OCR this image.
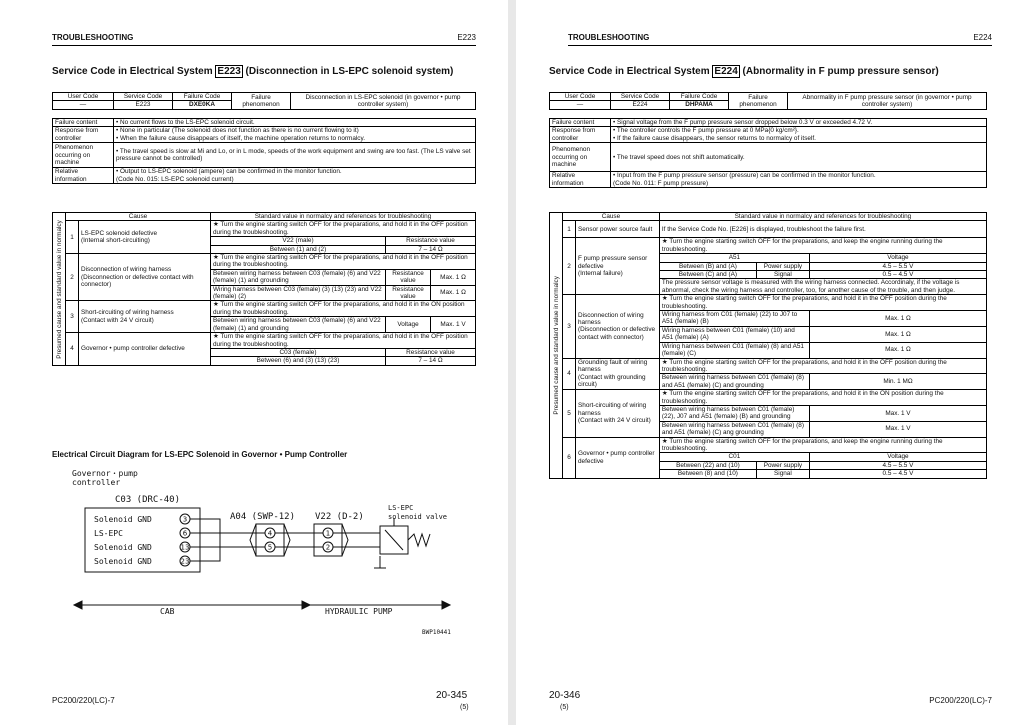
TROUBLESHOOTING	E223
Service Code in Electrical System E223 (Disconnection in LS-EPC solenoid system)
User Code	Service Code	Failure Code	Failure phenomenon	Disconnection in LS-EPC solenoid (in governor • pump controller system)
—	E223	DXE0KA		
Failure content	• No current flows to the LS-EPC solenoid circuit.
Response from controller	• None in particular (The solenoid does not function as there is no current flowing to it)
• When the failure cause disappears of itself, the machine operation returns to normalcy.
Phenomenon occurring on machine	• The travel speed is slow at Mi and Lo, or in L mode, speeds of the work equipment and swing are too fast. (The LS valve set pressure cannot be controlled)
Relative information	• Output to LS-EPC solenoid (ampere) can be confirmed in the monitor function.
(Code No. 015: LS-EPC solenoid current)
Presumed cause and standard value in normalcy	Cause		Standard value in normalcy and references for troubleshooting		
	1	LS-EPC solenoid defective
(Internal short-circuiting)	★ Turn the engine starting switch OFF for the preparations, and hold it in the OFF position during the troubleshooting.		
			V22 (male)	Resistance value	
			Between (1) and (2)	7 – 14 Ω	
	2	Disconnection of wiring harness
(Disconnection or defective contact with connector)	★ Turn the engine starting switch OFF for the preparations, and hold it in the OFF position during the troubleshooting.		
			Between wiring harness between C03 (female) (6) and V22 (female) (1) and grounding	Resistance value	Max. 1 Ω
			Wiring harness between C03 (female) (3) (13) (23) and V22 (female) (2)	Resistance value	Max. 1 Ω
	3	Short-circuiting of wiring harness
(Contact with 24 V circuit)	★ Turn the engine starting switch OFF for the preparations, and hold it in the ON position during the troubleshooting.		
			Between wiring harness between C03 (female) (6) and V22 (female) (1) and grounding	Voltage	Max. 1 V
	4	Governor • pump controller defective	★ Turn the engine starting switch OFF for the preparations, and hold it in the OFF position during the troubleshooting.		
			C03 (female)	Resistance value	
			Between (6) and (3) (13) (23)	7 – 14 Ω	
Electrical Circuit Diagram for LS-EPC Solenoid in Governor • Pump Controller
Governor・pump
controller
C03 (DRC-40)
Solenoid GND
LS-EPC
Solenoid GND
Solenoid GND
A04 (SWP-12) V22 (D-2)
LS-EPC
solenoid valve
CAB	HYDRAULIC PUMP
BWP10441
3
6
13
23
4
5
1
2
PC200/220(LC)-7	20-345
(5)
TROUBLESHOOTING	E224
Service Code in Electrical System E224 (Abnormality in F pump pressure sensor)
User Code	Service Code	Failure Code	Failure phenomenon	Abnormality in F pump pressure sensor (in governor • pump controller system)
—	E224	DHPAMA		
Failure content	• Signal voltage from the F pump pressure sensor dropped below 0.3 V or exceeded 4.72 V.
Response from controller	• The controller controls the F pump pressure at 0 MPa{0 kg/cm²}.
• If the failure cause disappears, the sensor returns to normalcy of itself.
Phenomenon occurring on machine	• The travel speed does not shift automatically.
Relative information	• Input from the F pump pressure sensor (pressure) can be confirmed in the monitor function.
(Code No. 011: F pump pressure)
Presumed cause and standard value in normalcy	Cause		Standard value in normalcy and references for troubleshooting		
	1	Sensor power source fault	If the Service Code No. [E226] is displayed, troubleshoot the failure first.		
	2	F pump pressure sensor defective
(Internal failure)	★ Turn the engine starting switch OFF for the preparations, and keep the engine running during the troubleshooting.		
			A51		Voltage
			Between (B) and (A)	Power supply	4.5 – 5.5 V
			Between (C) and (A)	Signal	0.5 – 4.5 V
			The pressure sensor voltage is measured with the wiring harness connected. Accordinaly, if the voltage is abnormal, check the wiring harness and controller, too, for another cause of the trouble, and then judge.		
	3	Disconnection of wiring harness
(Disconnection or defective contact with connector)	★ Turn the engine starting switch OFF for the preparations, and hold it in the OFF position during the troubleshooting.		
			Wiring harness from C01 (female) (22) to J07 to A51 (female) (B)		Max. 1 Ω
			Wiring harness between C01 (female) (10) and A51 (female) (A)		Max. 1 Ω
			Wiring harness between C01 (female) (8) and A51 (female) (C)		Max. 1 Ω
	4	Grounding fault of wiring harness
(Contact with grounding circuit)	★ Turn the engine starting switch OFF for the preparations, and hold it in the OFF position during the troubleshooting.		
			Between wiring harness between C01 (female) (8) and A51 (female) (C) and grounding		Min. 1 MΩ
	5	Short-circuiting of wiring harness
(Contact with 24 V circuit)	★ Turn the engine starting switch OFF for the preparations, and hold it in the ON position during the troubleshooting.		
			Between wiring harness between C01 (female) (22), J07 and A51 (female) (B) and grounding		Max. 1 V
			Between wiring harness between C01 (female) (8) and A51 (female) (C) ang grounding		Max. 1 V
	6	Governor • pump controller defective	★ Turn the engine starting switch OFF for the preparations, and keep the engine running during the troubleshooting.		
			C01		Voltage
			Between (22) and (10)	Power supply	4.5 – 5.5 V
			Between (8) and (10)	Signal	0.5 – 4.5 V
20-346
(5)
PC200/220(LC)-7
